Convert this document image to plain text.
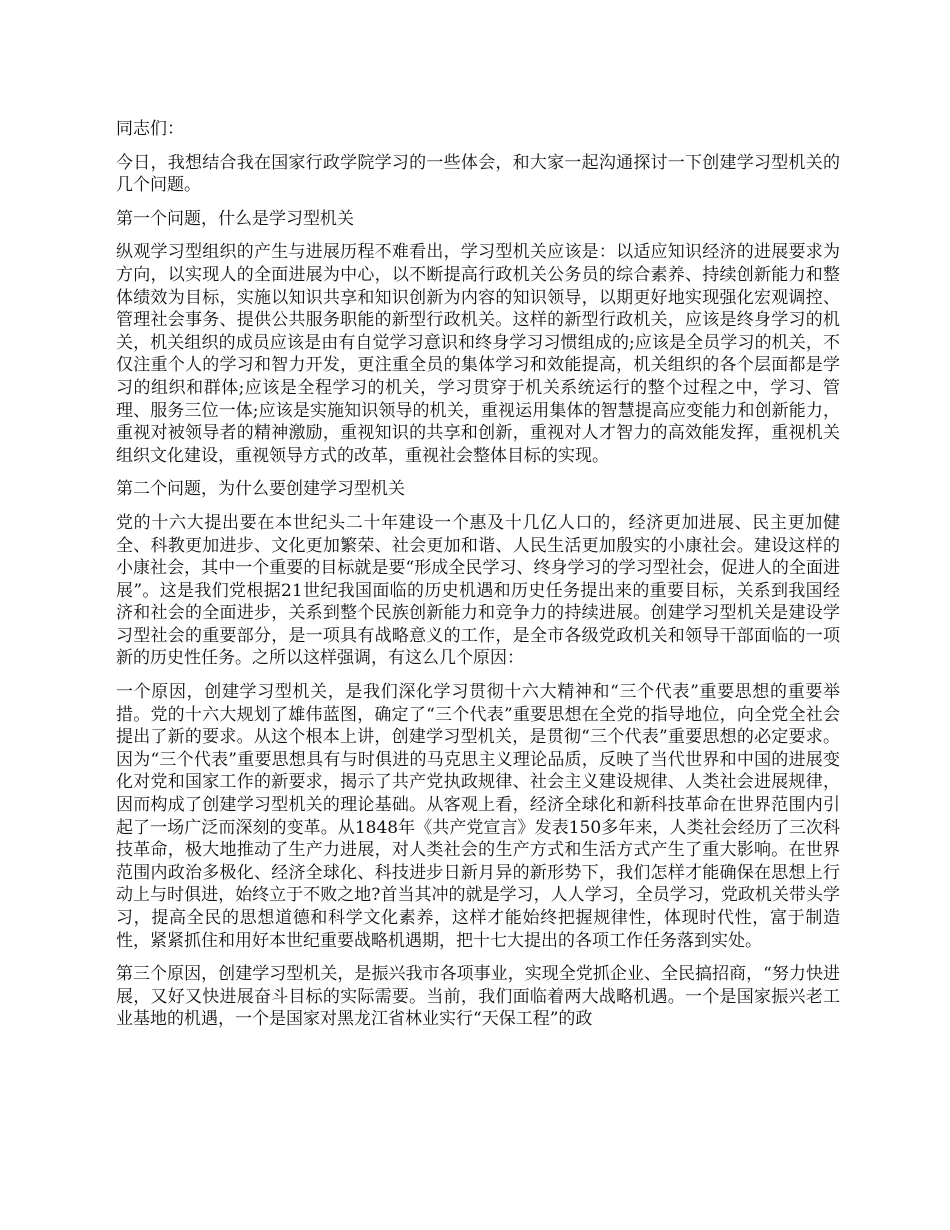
同志们：

今日，我想结合我在国家行政学院学习的一些体会，和大家一起沟通探讨一下创建学习型机关的几个问题。

第一个问题，什么是学习型机关

纵观学习型组织的产生与进展历程不难看出，学习型机关应该是：以适应知识经济的进展要求为方向，以实现人的全面进展为中心，以不断提高行政机关公务员的综合素养、持续创新能力和整体绩效为目标，实施以知识共享和知识创新为内容的知识领导，以期更好地实现强化宏观调控、管理社会事务、提供公共服务职能的新型行政机关。这样的新型行政机关，应该是终身学习的机关，机关组织的成员应该是由有自觉学习意识和终身学习习惯组成的;应该是全员学习的机关，不仅注重个人的学习和智力开发，更注重全员的集体学习和效能提高，机关组织的各个层面都是学习的组织和群体;应该是全程学习的机关，学习贯穿于机关系统运行的整个过程之中，学习、管理、服务三位一体;应该是实施知识领导的机关，重视运用集体的智慧提高应变能力和创新能力，重视对被领导者的精神激励，重视知识的共享和创新，重视对人才智力的高效能发挥，重视机关组织文化建设，重视领导方式的改革，重视社会整体目标的实现。

第二个问题，为什么要创建学习型机关

党的十六大提出要在本世纪头二十年建设一个惠及十几亿人口的，经济更加进展、民主更加健全、科教更加进步、文化更加繁荣、社会更加和谐、人民生活更加殷实的小康社会。建设这样的小康社会，其中一个重要的目标就是要“形成全民学习、终身学习的学习型社会，促进人的全面进展”。这是我们党根据21世纪我国面临的历史机遇和历史任务提出来的重要目标，关系到我国经济和社会的全面进步，关系到整个民族创新能力和竞争力的持续进展。创建学习型机关是建设学习型社会的重要部分，是一项具有战略意义的工作，是全市各级党政机关和领导干部面临的一项新的历史性任务。之所以这样强调，有这么几个原因：

一个原因，创建学习型机关，是我们深化学习贯彻十六大精神和“三个代表”重要思想的重要举措。党的十六大规划了雄伟蓝图，确定了“三个代表”重要思想在全党的指导地位，向全党全社会提出了新的要求。从这个根本上讲，创建学习型机关，是贯彻“三个代表”重要思想的必定要求。因为“三个代表”重要思想具有与时俱进的马克思主义理论品质，反映了当代世界和中国的进展变化对党和国家工作的新要求，揭示了共产党执政规律、社会主义建设规律、人类社会进展规律，因而构成了创建学习型机关的理论基础。从客观上看，经济全球化和新科技革命在世界范围内引起了一场广泛而深刻的变革。从1848年《共产党宣言》发表150多年来，人类社会经历了三次科技革命，极大地推动了生产力进展，对人类社会的生产方式和生活方式产生了重大影响。在世界范围内政治多极化、经济全球化、科技进步日新月异的新形势下，我们怎样才能确保在思想上行动上与时俱进，始终立于不败之地?首当其冲的就是学习，人人学习，全员学习，党政机关带头学习，提高全民的思想道德和科学文化素养，这样才能始终把握规律性，体现时代性，富于制造性，紧紧抓住和用好本世纪重要战略机遇期，把十七大提出的各项工作任务落到实处。

第三个原因，创建学习型机关，是振兴我市各项事业，实现全党抓企业、全民搞招商，“努力快进展，又好又快进展奋斗目标的实际需要。当前，我们面临着两大战略机遇。一个是国家振兴老工业基地的机遇，一个是国家对黑龙江省林业实行“天保工程”的政
